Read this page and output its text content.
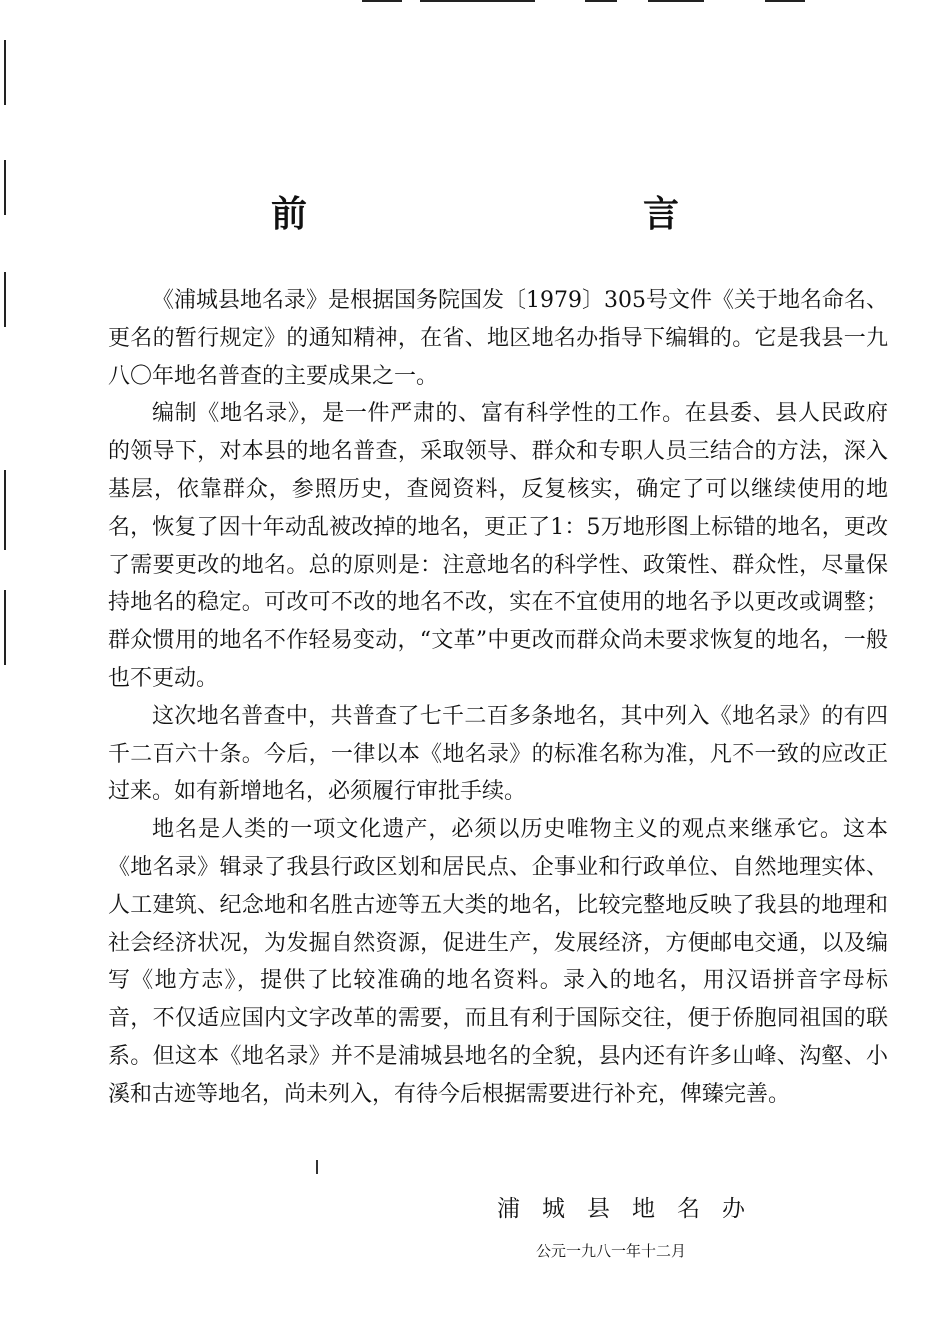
前　言

《浦城县地名录》是根据国务院国发〔1979〕305号文件《关于地名命名、更名的暂行规定》的通知精神，在省、地区地名办指导下编辑的。它是我县一九八〇年地名普查的主要成果之一。

编制《地名录》，是一件严肃的、富有科学性的工作。在县委、县人民政府的领导下，对本县的地名普查，采取领导、群众和专职人员三结合的方法，深入基层，依靠群众，参照历史，查阅资料，反复核实，确定了可以继续使用的地名，恢复了因十年动乱被改掉的地名，更正了1：5万地形图上标错的地名，更改了需要更改的地名。总的原则是：注意地名的科学性、政策性、群众性，尽量保持地名的稳定。可改可不改的地名不改，实在不宜使用的地名予以更改或调整；群众惯用的地名不作轻易变动，“文革”中更改而群众尚未要求恢复的地名，一般也不更动。

这次地名普查中，共普查了七千二百多条地名，其中列入《地名录》的有四千二百六十条。今后，一律以本《地名录》的标准名称为准，凡不一致的应改正过来。如有新增地名，必须履行审批手续。

地名是人类的一项文化遗产，必须以历史唯物主义的观点来继承它。这本《地名录》辑录了我县行政区划和居民点、企事业和行政单位、自然地理实体、人工建筑、纪念地和名胜古迹等五大类的地名，比较完整地反映了我县的地理和社会经济状况，为发掘自然资源，促进生产，发展经济，方便邮电交通，以及编写《地方志》，提供了比较准确的地名资料。录入的地名，用汉语拼音字母标音，不仅适应国内文字改革的需要，而且有利于国际交往，便于侨胞同祖国的联系。但这本《地名录》并不是浦城县地名的全貌，县内还有许多山峰、沟壑、小溪和古迹等地名，尚未列入，有待今后根据需要进行补充，俾臻完善。

浦城县地名办
公元一九八一年十二月
